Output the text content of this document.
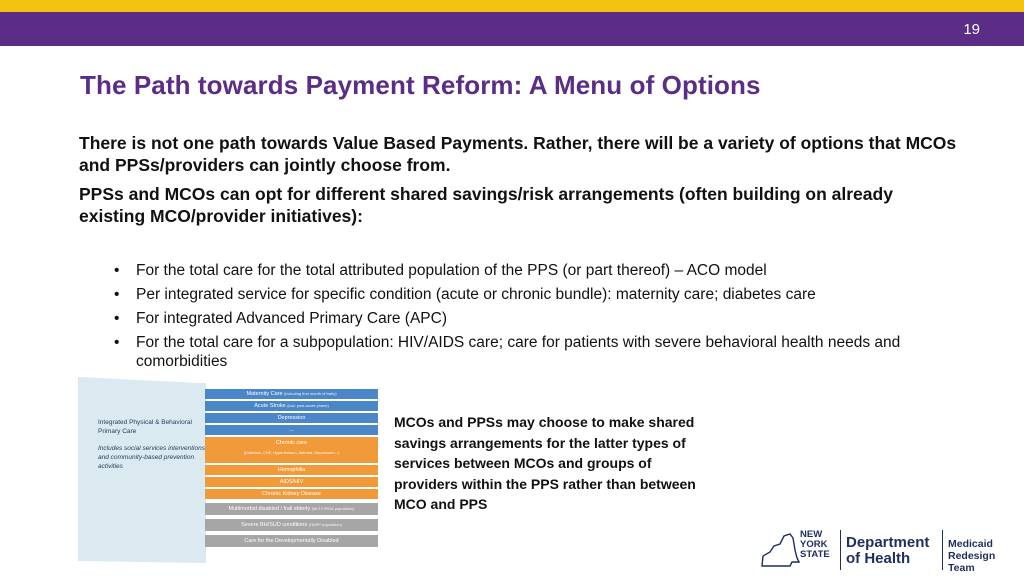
19
The Path towards Payment Reform: A Menu of Options
There is not one path towards Value Based Payments. Rather, there will be a variety of options that MCOs and PPSs/providers can jointly choose from.
PPSs and MCOs can opt for different shared savings/risk arrangements (often building on already existing MCO/provider initiatives):
• For the total care for the total attributed population of the PPS (or part thereof) – ACO model
• Per integrated service for specific condition (acute or chronic bundle): maternity care; diabetes care
• For integrated Advanced Primary Care (APC)
• For the total care for a subpopulation: HIV/AIDS care; care for patients with severe behavioral health needs and comorbidities
Integrated Physical & Behavioral Primary Care
Includes social services interventions and community-based prevention activities
Maternity Care (including first month of baby)
Acute Stroke (incl. post-acute phase)
Depression
...
Chronic care
(Diabetes, CHF, Hypertension, Asthma, Depression...)
Hemophilia
AIDS/HIV
Chronic Kidney Disease
Multimorbid disabled / frail elderly (MLTC/FIDA population)
Severe BH/SUD conditions (HARP population)
Care for the Developmentally Disabled
MCOs and PPSs may choose to make shared savings arrangements for the latter types of services between MCOs and groups of providers within the PPS rather than between MCO and PPS
NEW
YORK
STATE
Department
of Health
Medicaid
Redesign Team
